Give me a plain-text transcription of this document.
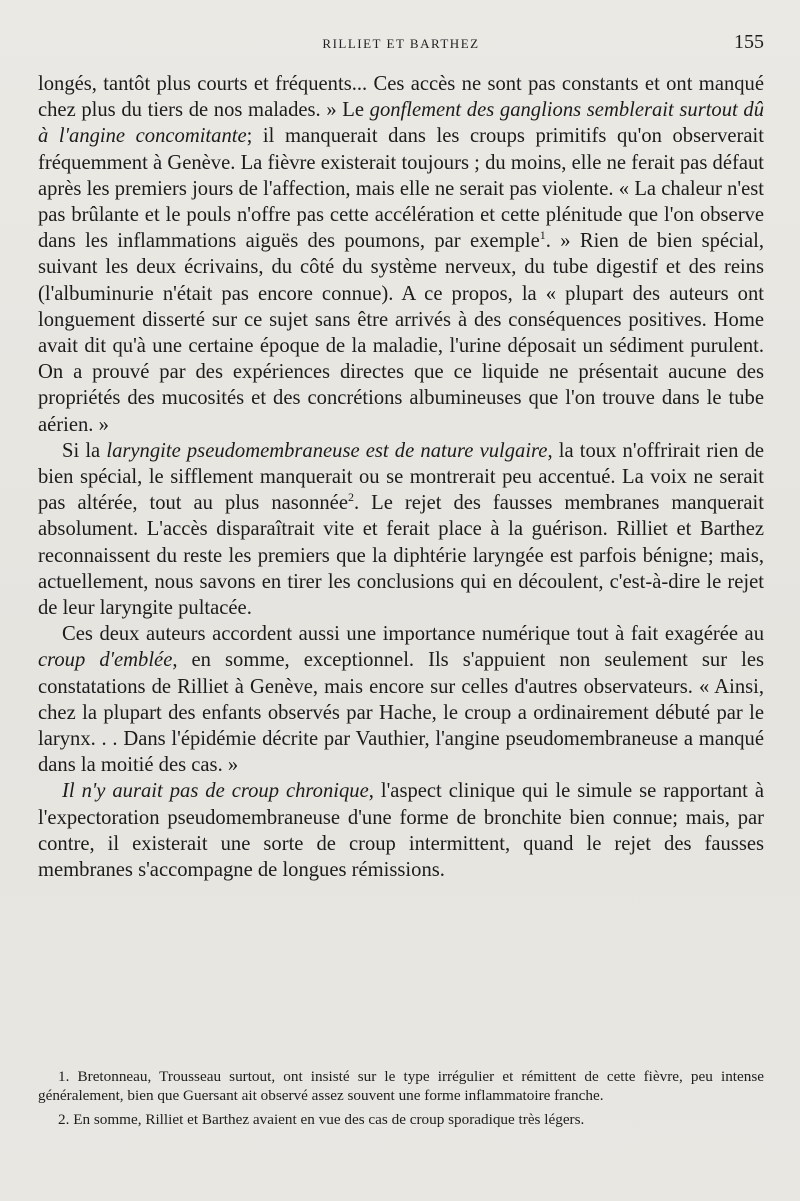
RILLIET ET BARTHEZ	155

longés, tantôt plus courts et fréquents... Ces accès ne sont pas constants et ont manqué chez plus du tiers de nos malades. » Le gonflement des ganglions semblerait surtout dû à l'angine concomitante; il manquerait dans les croups primitifs qu'on observerait fréquemment à Genève. La fièvre existerait toujours ; du moins, elle ne ferait pas défaut après les premiers jours de l'affection, mais elle ne serait pas violente. « La chaleur n'est pas brûlante et le pouls n'offre pas cette accélération et cette plénitude que l'on observe dans les inflammations aiguës des poumons, par exemple$^1$. » Rien de bien spécial, suivant les deux écrivains, du côté du système nerveux, du tube digestif et des reins (l'albuminurie n'était pas encore connue). A ce propos, la « plupart des auteurs ont longuement disserté sur ce sujet sans être arrivés à des conséquences positives. Home avait dit qu'à une certaine époque de la maladie, l'urine déposait un sédiment purulent. On a prouvé par des expériences directes que ce liquide ne présentait aucune des propriétés des mucosités et des concrétions albumineuses que l'on trouve dans le tube aérien. »

Si la laryngite pseudomembraneuse est de nature vulgaire, la toux n'offrirait rien de bien spécial, le sifflement manquerait ou se montrerait peu accentué. La voix ne serait pas altérée, tout au plus nasonnée$^2$. Le rejet des fausses membranes manquerait absolument. L'accès disparaîtrait vite et ferait place à la guérison. Rilliet et Barthez reconnaissent du reste les premiers que la diphtérie laryngée est parfois bénigne; mais, actuellement, nous savons en tirer les conclusions qui en découlent, c'est-à-dire le rejet de leur laryngite pultacée.

Ces deux auteurs accordent aussi une importance numérique tout à fait exagérée au croup d'emblée, en somme, exceptionnel. Ils s'appuient non seulement sur les constatations de Rilliet à Genève, mais encore sur celles d'autres observateurs. « Ainsi, chez la plupart des enfants observés par Hache, le croup a ordinairement débuté par le larynx. . . Dans l'épidémie décrite par Vauthier, l'angine pseudomembraneuse a manqué dans la moitié des cas. »

Il n'y aurait pas de croup chronique, l'aspect clinique qui le simule se rapportant à l'expectoration pseudomembraneuse d'une forme de bronchite bien connue; mais, par contre, il existerait une sorte de croup intermittent, quand le rejet des fausses membranes s'accompagne de longues rémissions.

1. Bretonneau, Trousseau surtout, ont insisté sur le type irrégulier et rémittent de cette fièvre, peu intense généralement, bien que Guersant ait observé assez souvent une forme inflammatoire franche.

2. En somme, Rilliet et Barthez avaient en vue des cas de croup sporadique très légers.
